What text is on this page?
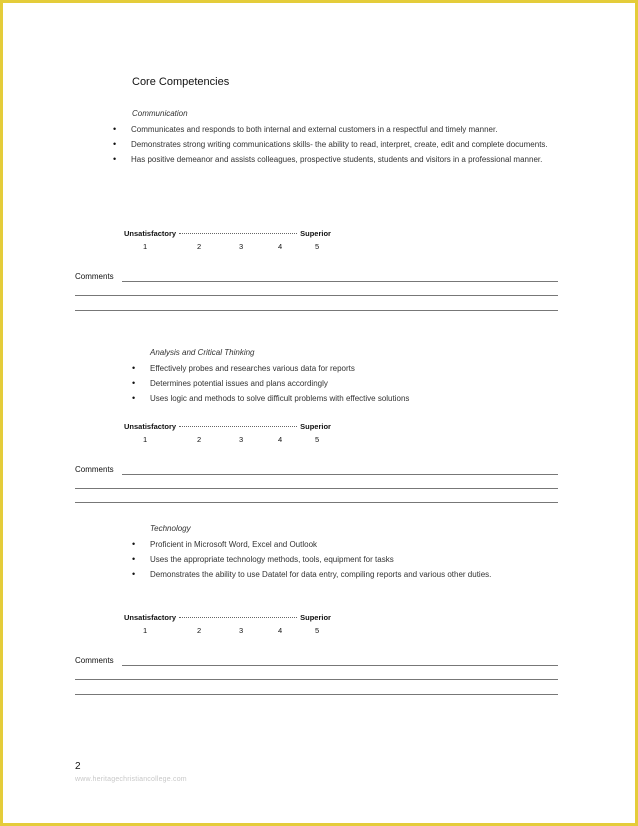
Core Competencies
Communication
• Communicates and responds to both internal and external customers in a respectful and timely manner.
• Demonstrates strong writing communications skills- the ability to read, interpret, create, edit and complete documents.
• Has positive demeanor and assists colleagues, prospective students, students and visitors in a professional manner.
Unsatisfactory	Superior
1	2	3	4	5
Comments
Analysis and Critical Thinking
• Effectively probes and researches various data for reports
• Determines potential issues and plans accordingly
• Uses logic and methods to solve difficult problems with effective solutions
Unsatisfactory	Superior
1	2	3	4	5
Comments
Technology
• Proficient in Microsoft Word, Excel and Outlook
• Uses the appropriate technology methods, tools, equipment for tasks
• Demonstrates the ability to use Datatel for data entry, compiling reports and various other duties.
Unsatisfactory	Superior
1	2	3	4	5
Comments
2
www.heritagechristiancollege.com
